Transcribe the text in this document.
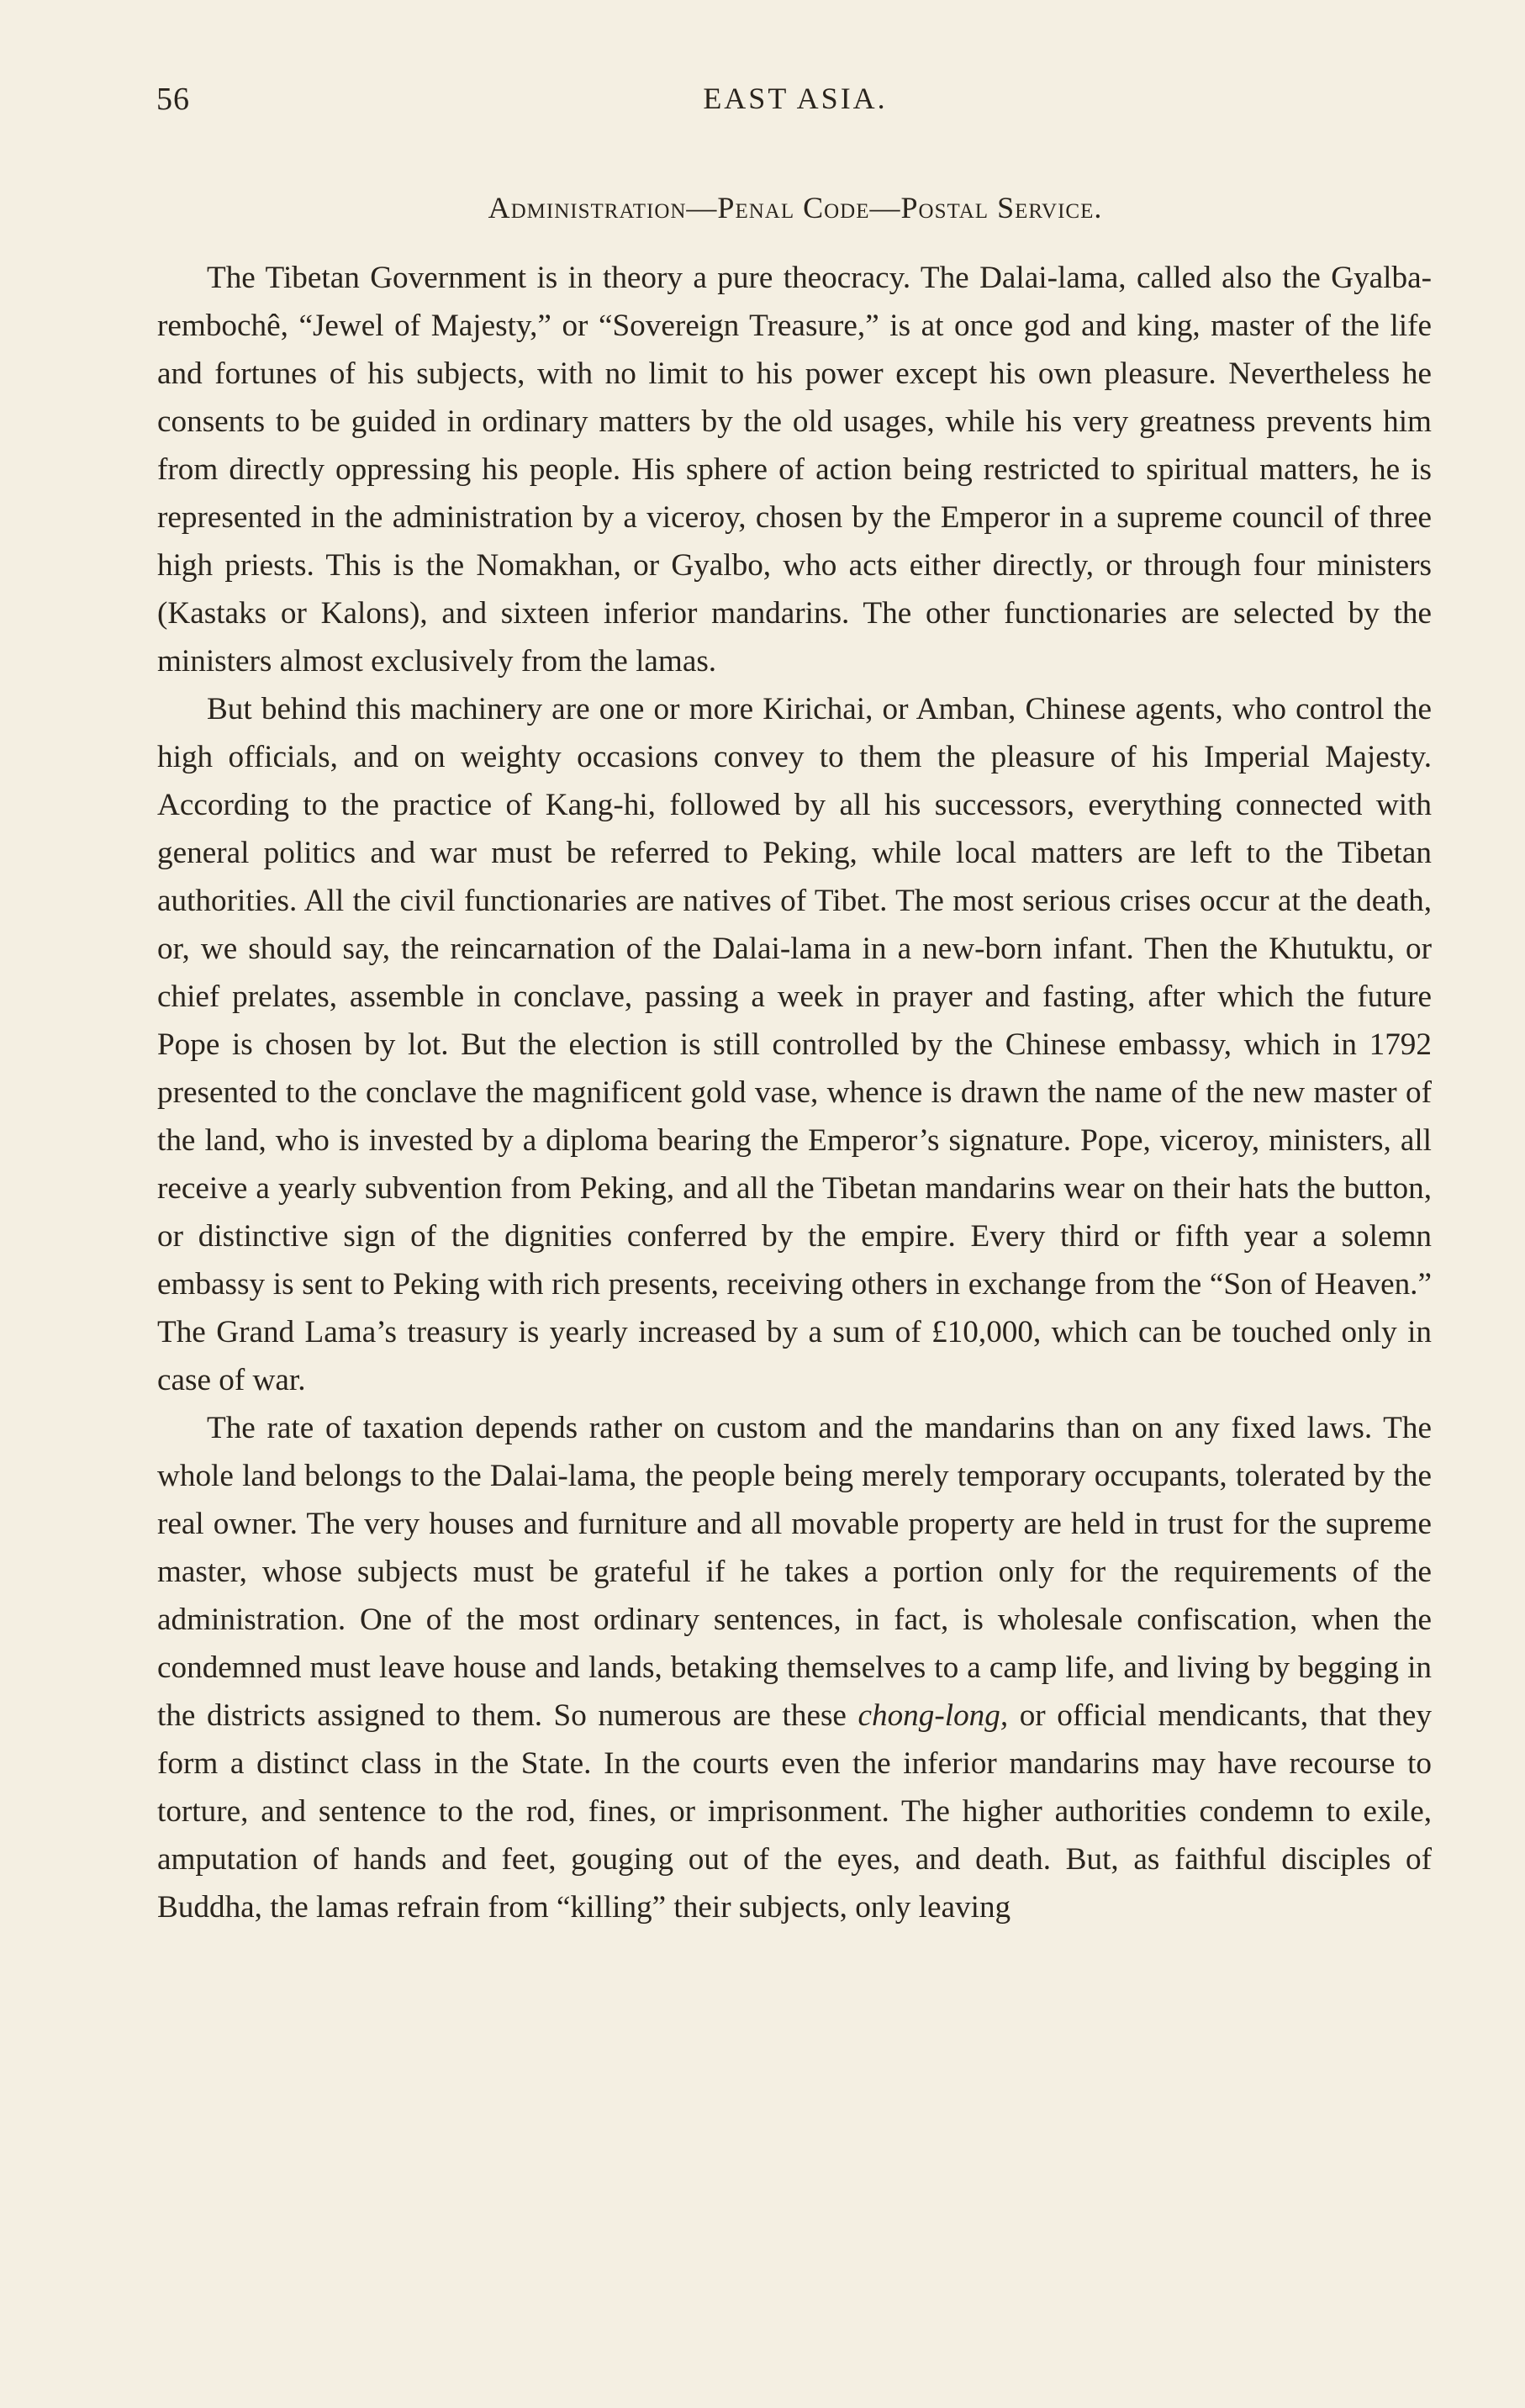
56	EAST ASIA.
Administration—Penal Code—Postal Service.

The Tibetan Government is in theory a pure theocracy. The Dalai-lama, called also the Gyalba-rembochê, “Jewel of Majesty,” or “Sovereign Treasure,” is at once god and king, master of the life and fortunes of his subjects, with no limit to his power except his own pleasure. Nevertheless he consents to be guided in ordinary matters by the old usages, while his very greatness prevents him from directly oppressing his people. His sphere of action being restricted to spiritual matters, he is represented in the administration by a viceroy, chosen by the Emperor in a supreme council of three high priests. This is the Nomakhan, or Gyalbo, who acts either directly, or through four ministers (Kastaks or Kalons), and sixteen inferior mandarins. The other functionaries are selected by the ministers almost exclusively from the lamas.

But behind this machinery are one or more Kirichai, or Amban, Chinese agents, who control the high officials, and on weighty occasions convey to them the pleasure of his Imperial Majesty. According to the practice of Kang-hi, followed by all his successors, everything connected with general politics and war must be referred to Peking, while local matters are left to the Tibetan authorities. All the civil functionaries are natives of Tibet. The most serious crises occur at the death, or, we should say, the reincarnation of the Dalai-lama in a new-born infant. Then the Khutuktu, or chief prelates, assemble in conclave, passing a week in prayer and fasting, after which the future Pope is chosen by lot. But the election is still controlled by the Chinese embassy, which in 1792 presented to the conclave the magnificent gold vase, whence is drawn the name of the new master of the land, who is invested by a diploma bearing the Emperor’s signature. Pope, viceroy, ministers, all receive a yearly subvention from Peking, and all the Tibetan mandarins wear on their hats the button, or distinctive sign of the dignities conferred by the empire. Every third or fifth year a solemn embassy is sent to Peking with rich presents, receiving others in exchange from the “Son of Heaven.” The Grand Lama’s treasury is yearly increased by a sum of £10,000, which can be touched only in case of war.

The rate of taxation depends rather on custom and the mandarins than on any fixed laws. The whole land belongs to the Dalai-lama, the people being merely temporary occupants, tolerated by the real owner. The very houses and furniture and all movable property are held in trust for the supreme master, whose subjects must be grateful if he takes a portion only for the requirements of the administration. One of the most ordinary sentences, in fact, is wholesale confiscation, when the condemned must leave house and lands, betaking themselves to a camp life, and living by begging in the districts assigned to them. So numerous are these chong-long, or official mendicants, that they form a distinct class in the State. In the courts even the inferior mandarins may have recourse to torture, and sentence to the rod, fines, or imprisonment. The higher authorities condemn to exile, amputation of hands and feet, gouging out of the eyes, and death. But, as faithful disciples of Buddha, the lamas refrain from “killing” their subjects, only leaving
